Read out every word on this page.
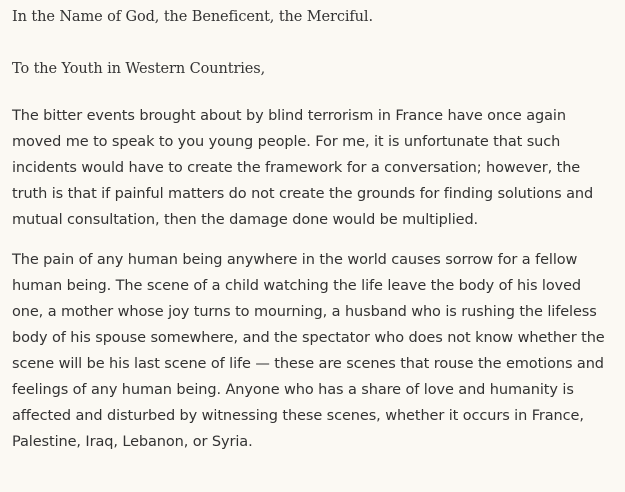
In the Name of God, the Beneficent, the Merciful.

To the Youth in Western Countries,

The bitter events brought about by blind terrorism in France have once again moved me to speak to you young people. For me, it is unfortunate that such incidents would have to create the framework for a conversation; however, the truth is that if painful matters do not create the grounds for finding solutions and mutual consultation, then the damage done would be multiplied.

The pain of any human being anywhere in the world causes sorrow for a fellow human being. The scene of a child watching the life leave the body of his loved one, a mother whose joy turns to mourning, a husband who is rushing the lifeless body of his spouse somewhere, and the spectator who does not know whether the scene will be his last scene of life — these are scenes that rouse the emotions and feelings of any human being. Anyone who has a share of love and humanity is affected and disturbed by witnessing these scenes, whether it occurs in France, Palestine, Iraq, Lebanon, or Syria.
